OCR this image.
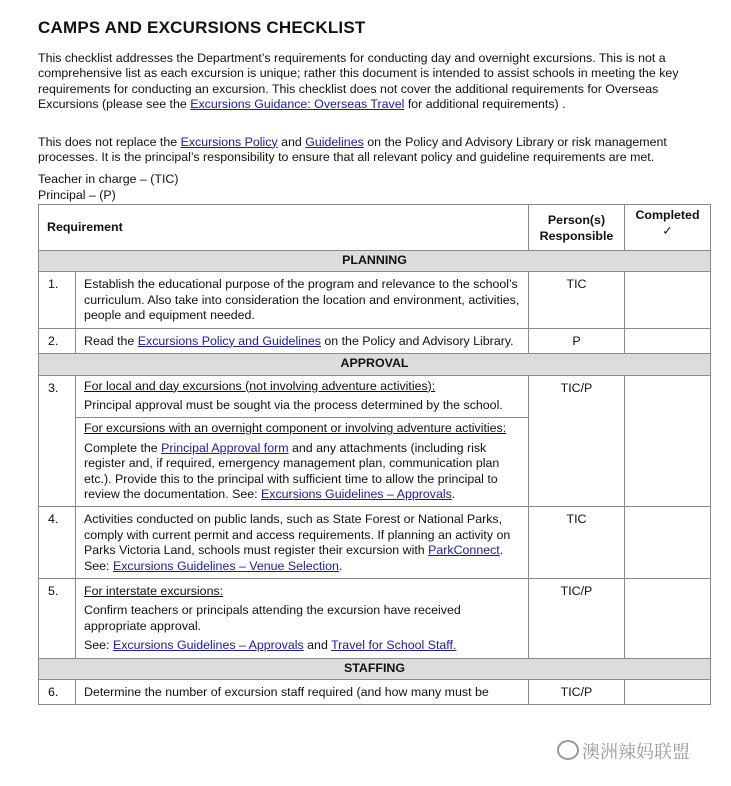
CAMPS AND EXCURSIONS CHECKLIST

This checklist addresses the Department’s requirements for conducting day and overnight excursions. This is not a comprehensive list as each excursion is unique; rather this document is intended to assist schools in meeting the key requirements for conducting an excursion. This checklist does not cover the additional requirements for Overseas Excursions (please see the Excursions Guidance: Overseas Travel for additional requirements) .

This does not replace the Excursions Policy and Guidelines on the Policy and Advisory Library or risk management processes. It is the principal’s responsibility to ensure that all relevant policy and guideline requirements are met.

Teacher in charge – (TIC)

Principal – (P)

Requirement		Person(s) Responsible	Completed
✓

PLANNING			
1.	Establish the educational purpose of the program and relevance to the school’s curriculum. Also take into consideration the location and environment, activities, people and equipment needed.	TIC	
2.	Read the Excursions Policy and Guidelines on the Policy and Advisory Library.	P	
APPROVAL			
3.	For local and day excursions (not involving adventure activities):
Principal approval must be sought via the process determined by the school.
For excursions with an overnight component or involving adventure activities:
Complete the Principal Approval form and any attachments (including risk register and, if required, emergency management plan, communication plan etc.). Provide this to the principal with sufficient time to allow the principal to review the documentation. See: Excursions Guidelines – Approvals.	TIC/P	
4.	Activities conducted on public lands, such as State Forest or National Parks, comply with current permit and access requirements. If planning an activity on Parks Victoria Land, schools must register their excursion with ParkConnect. See: Excursions Guidelines – Venue Selection.	TIC	
5.	For interstate excursions:
Confirm teachers or principals attending the excursion have received appropriate approval.
See: Excursions Guidelines – Approvals and Travel for School Staff.	TIC/P	
STAFFING			
6.	Determine the number of excursion staff required (and how many must be	TIC/P	
澳洲辣妈联盟
